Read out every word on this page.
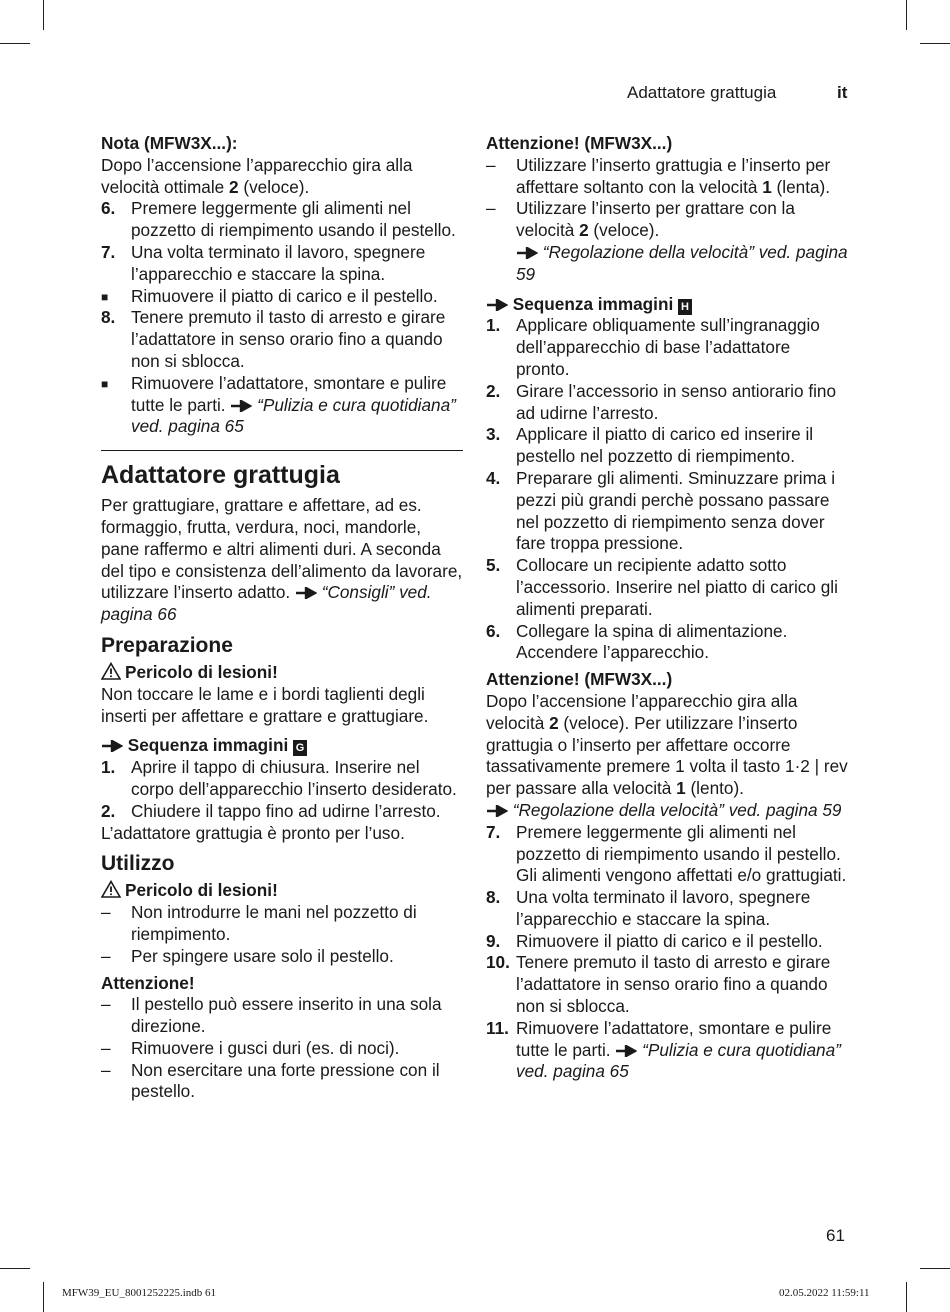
Adattatore grattugia	it
Nota (MFW3X...):
Dopo l’accensione l’apparecchio gira alla velocità ottimale 2 (veloce).
6. Premere leggermente gli alimenti nel pozzetto di riempimento usando il pestello.
7. Una volta terminato il lavoro, spegnere l’apparecchio e staccare la spina.
■ Rimuovere il piatto di carico e il pestello.
8. Tenere premuto il tasto di arresto e girare l’adattatore in senso orario fino a quando non si sblocca.
■ Rimuovere l’adattatore, smontare e pulire tutte le parti.  “Pulizia e cura quotidiana” ved. pagina 65
Adattatore grattugia
Per grattugiare, grattare e affettare, ad es. formaggio, frutta, verdura, noci, mandorle, pane raffermo e altri alimenti duri. A seconda del tipo e consistenza dell’alimento da lavorare, utilizzare l’inserto adatto.  “Consigli” ved. pagina 66
Preparazione
Pericolo di lesioni!
Non toccare le lame e i bordi taglienti degli inserti per affettare e grattare e grattugiare.
Sequenza immagini G
1. Aprire il tappo di chiusura. Inserire nel corpo dell’apparecchio l’inserto desiderato.
2. Chiudere il tappo fino ad udirne l’arresto.
L’adattatore grattugia è pronto per l’uso.
Utilizzo
Pericolo di lesioni!
– Non introdurre le mani nel pozzetto di riempimento.
– Per spingere usare solo il pestello.
Attenzione!
– Il pestello può essere inserito in una sola direzione.
– Rimuovere i gusci duri (es. di noci).
– Non esercitare una forte pressione con il pestello.
Attenzione! (MFW3X...)
– Utilizzare l’inserto grattugia e l’inserto per affettare soltanto con la velocità 1 (lenta).
– Utilizzare l’inserto per grattare con la velocità 2 (veloce).
“Regolazione della velocità” ved. pagina 59
Sequenza immagini H
1. Applicare obliquamente sull’ingranaggio dell’apparecchio di base l’adattatore pronto.
2. Girare l’accessorio in senso antiorario fino ad udirne l’arresto.
3. Applicare il piatto di carico ed inserire il pestello nel pozzetto di riempimento.
4. Preparare gli alimenti. Sminuzzare prima i pezzi più grandi perchè possano passare nel pozzetto di riempimento senza dover fare troppa pressione.
5. Collocare un recipiente adatto sotto l’accessorio. Inserire nel piatto di carico gli alimenti preparati.
6. Collegare la spina di alimentazione. Accendere l’apparecchio.
Attenzione! (MFW3X...)
Dopo l’accensione l’apparecchio gira alla velocità 2 (veloce). Per utilizzare l’inserto grattugia o l’inserto per affettare occorre tassativamente premere 1 volta il tasto 1·2 | rev per passare alla velocità 1 (lento).
“Regolazione della velocità” ved. pagina 59
7. Premere leggermente gli alimenti nel pozzetto di riempimento usando il pestello. Gli alimenti vengono affettati e/o grattugiati.
8. Una volta terminato il lavoro, spegnere l’apparecchio e staccare la spina.
9. Rimuovere il piatto di carico e il pestello.
10. Tenere premuto il tasto di arresto e girare l’adattatore in senso orario fino a quando non si sblocca.
11. Rimuovere l’adattatore, smontare e pulire tutte le parti.  “Pulizia e cura quotidiana” ved. pagina 65
61
MFW39_EU_8001252225.indb 61	02.05.2022 11:59:11
